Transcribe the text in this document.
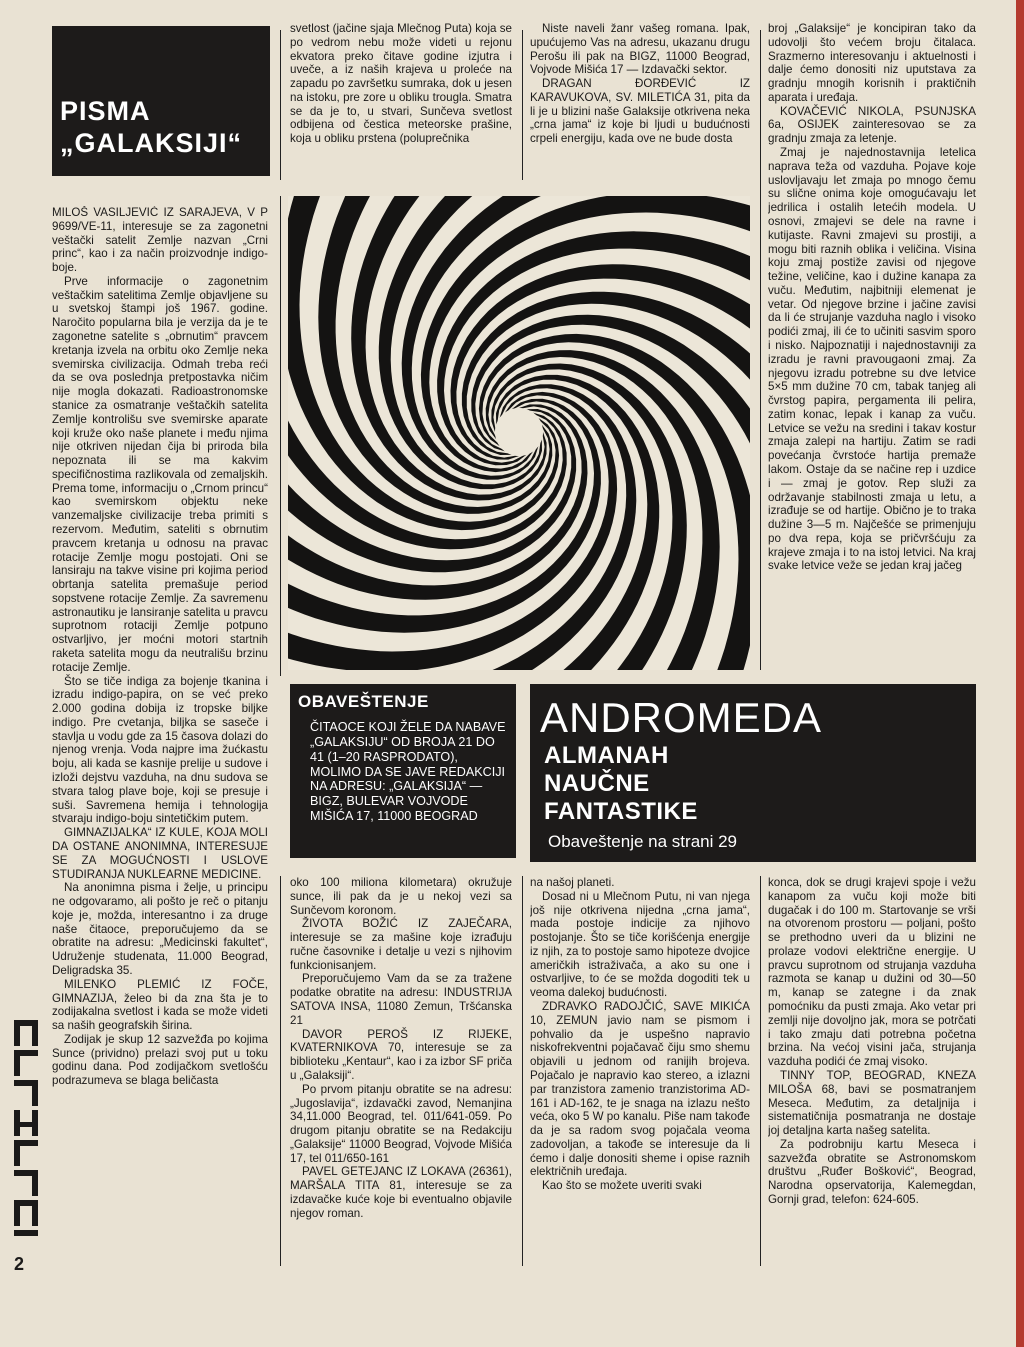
PISMA
„GALAKSIJI“

MILOŠ VASILJEVIĆ IZ SARAJEVA, V P 9699/VE-11, interesuje se za zagonetni veštački satelit Zemlje nazvan „Crni princ“, kao i za način proizvodnje indigo-boje.

Prve informacije o zagonetnim veštačkim satelitima Zemlje objavljene su u svetskoj štampi još 1967. godine. Naročito popularna bila je verzija da je te zagonetne satelite s „obrnutim“ pravcem kretanja izvela na orbitu oko Zemlje neka svemirska civilizacija. Odmah treba reći da se ova poslednja pretpostavka ničim nije mogla dokazati. Radioastronomske stanice za osmatranje veštačkih satelita Zemlje kontrolišu sve svemirske aparate koji kruže oko naše planete i među njima nije otkriven nijedan čija bi priroda bila nepoznata ili se ma kakvim specifičnostima razlikovala od zemaljskih. Prema tome, informaciju o „Crnom princu“ kao svemirskom objektu neke vanzemaljske civilizacije treba primiti s rezervom. Međutim, sateliti s obrnutim pravcem kretanja u odnosu na pravac rotacije Zemlje mogu postojati. Oni se lansiraju na takve visine pri kojima period obrtanja satelita premašuje period sopstvene rotacije Zemlje. Za savremenu astronautiku je lansiranje satelita u pravcu suprotnom rotaciji Zemlje potpuno ostvarljivo, jer moćni motori startnih raketa satelita mogu da neutrališu brzinu rotacije Zemlje.

Što se tiče indiga za bojenje tkanina i izradu indigo-papira, on se već preko 2.000 godina dobija iz tropske biljke indigo. Pre cvetanja, biljka se saseče i stavlja u vodu gde za 15 časova dolazi do njenog vrenja. Voda najpre ima žućkastu boju, ali kada se kasnije prelije u sudove i izloži dejstvu vazduha, na dnu sudova se stvara talog plave boje, koji se presuje i suši. Savremena hemija i tehnologija stvaraju indigo-boju sintetičkim putem.

GIMNAZIJALKA“ IZ KULE, KOJA MOLI DA OSTANE ANONIMNA, INTERESUJE SE ZA MOGUĆNOSTI I USLOVE STUDIRANJA NUKLEARNE MEDICINE.

Na anonimna pisma i želje, u principu ne odgovaramo, ali pošto je reč o pitanju koje je, možda, interesantno i za druge naše čitaoce, preporučujemo da se obratite na adresu: „Medicinski fakultet“, Udruženje studenata, 11.000 Beograd, Deligradska 35.

MILENKO PLEMIĆ IZ FOČE, GIMNAZIJA, želeo bi da zna šta je to zodijakalna svetlost i kada se može videti sa naših geografskih širina.

Zodijak je skup 12 sazvežđa po kojima Sunce (prividno) prelazi svoj put u toku godinu dana. Pod zodijačkom svetlošću podrazumeva se blaga beličasta

svetlost (jačine sjaja Mlečnog Puta) koja se po vedrom nebu može videti u rejonu ekvatora preko čitave godine izjutra i uveče, a iz naših krajeva u proleće na zapadu po završetku sumraka, dok u jesen na istoku, pre zore u obliku trougla. Smatra se da je to, u stvari, Sunčeva svetlost odbijena od čestica meteorske prašine, koja u obliku prstena (poluprečnika

Niste naveli žanr vašeg romana. Ipak, upućujemo Vas na adresu, ukazanu drugu Perošu ili pak na BIGZ, 11000 Beograd, Vojvode Mišića 17 — Izdavački sektor.

DRAGAN ĐORĐEVIĆ IZ KARAVUKOVA, SV. MILETIĆA 31, pita da li je u blizini naše Galaksije otkrivena neka „crna jama“ iz koje bi ljudi u budućnosti crpeli energiju, kada ove ne bude dosta

broj „Galaksije“ je koncipiran tako da udovolji što većem broju čitalaca. Srazmerno interesovanju i aktuelnosti i dalje ćemo donositi niz uputstava za gradnju mnogih korisnih i praktičnih aparata i uređaja.

KOVAČEVIĆ NIKOLA, PSUNJSKA 6a, OSIJEK zainteresovao se za gradnju zmaja za letenje.

Zmaj je najednostavnija letelica naprava teža od vazduha. Pojave koje uslovljavaju let zmaja po mnogo čemu su slične onima koje omogućavaju let jedrilica i ostalih letećih modela. U osnovi, zmajevi se dele na ravne i kutijaste. Ravni zmajevi su prostiji, a mogu biti raznih oblika i veličina. Visina koju zmaj postiže zavisi od njegove težine, veličine, kao i dužine kanapa za vuču. Međutim, najbitniji elemenat je vetar. Od njegove brzine i jačine zavisi da li će strujanje vazduha naglo i visoko podići zmaj, ili će to učiniti sasvim sporo i nisko. Najpoznatiji i najednostavniji za izradu je ravni pravougaoni zmaj. Za njegovu izradu potrebne su dve letvice 5×5 mm dužine 70 cm, tabak tanjeg ali čvrstog papira, pergamenta ili pelira, zatim konac, lepak i kanap za vuču. Letvice se vežu na sredini i takav kostur zmaja zalepi na hartiju. Zatim se radi povećanja čvrstoće hartija premaže lakom. Ostaje da se načine rep i uzdice i — zmaj je gotov. Rep služi za održavanje stabilnosti zmaja u letu, a izrađuje se od hartije. Obično je to traka dužine 3—5 m. Najčešće se primenjuju po dva repa, koja se pričvršćuju za krajeve zmaja i to na istoj letvici. Na kraj svake letvice veže se jedan kraj jačeg

OBAVEŠTENJE
ČITAOCE KOJI ŽELE DA NABAVE „GALAKSIJU“ OD BROJA 21 DO 41 (1–20 RASPRODATO), MOLIMO DA SE JAVE REDAKCIJI NA ADRESU: „GALAKSIJA“ — BIGZ, BULEVAR VOJVODE MIŠIĆA 17, 11000 BEOGRAD
ANDROMEDA
ALMANAH
NAUČNE
FANTASTIKE
Obaveštenje na strani 29

oko 100 miliona kilometara) okružuje sunce, ili pak da je u nekoj vezi sa Sunčevom koronom.

ŽIVOTA BOŽIĆ IZ ZAJEČARA, interesuje se za mašine koje izrađuju ručne časovnike i detalje u vezi s njihovim funkcionisanjem.

Preporučujemo Vam da se za tražene podatke obratite na adresu: INDUSTRIJA SATOVA INSA, 11080 Zemun, Tršćanska 21

DAVOR PEROŠ IZ RIJEKE, KVATERNIKOVA 70, interesuje se za biblioteku „Kentaur“, kao i za izbor SF priča u „Galaksiji“.

Po prvom pitanju obratite se na adresu: „Jugoslavija“, izdavački zavod, Nemanjina 34,11.000 Beograd, tel. 011/641-059. Po drugom pitanju obratite se na Redakciju „Galaksije“ 11000 Beograd, Vojvode Mišića 17, tel 011/650-161

PAVEL GETEJANC IZ LOKAVA (26361), MARŠALA TITA 81, interesuje se za izdavačke kuće koje bi eventualno objavile njegov roman.

na našoj planeti.

Dosad ni u Mlečnom Putu, ni van njega još nije otkrivena nijedna „crna jama“, mada postoje indicije za njihovo postojanje. Što se tiče korišćenja energije iz njih, za to postoje samo hipoteze dvojice američkih istraživača, a ako su one i ostvarljive, to će se možda dogoditi tek u veoma dalekoj budućnosti.

ZDRAVKO RADOJČIĆ, SAVE MIKIĆA 10, ZEMUN javio nam se pismom i pohvalio da je uspešno napravio niskofrekventni pojačavač čiju smo shemu objavili u jednom od ranijih brojeva. Pojačalo je napravio kao stereo, a izlazni par tranzistora zamenio tranzistorima AD-161 i AD-162, te je snaga na izlazu nešto veća, oko 5 W po kanalu. Piše nam takođe da je sa radom svog pojačala veoma zadovoljan, a takođe se interesuje da li ćemo i dalje donositi sheme i opise raznih električnih uređaja.

Kao što se možete uveriti svaki

konca, dok se drugi krajevi spoje i vežu kanapom za vuču koji može biti dugačak i do 100 m. Startovanje se vrši na otvorenom prostoru — poljani, pošto se prethodno uveri da u blizini ne prolaze vodovi električne energije. U pravcu suprotnom od strujanja vazduha razmota se kanap u dužini od 30—50 m, kanap se zategne i da znak pomoćniku da pusti zmaja. Ako vetar pri zemlji nije dovoljno jak, mora se potrčati i tako zmaju dati potrebna početna brzina. Na većoj visini jača, strujanja vazduha podići će zmaj visoko.

TINNY TOP, BEOGRAD, KNEZA MILOŠA 68, bavi se posmatranjem Meseca. Međutim, za detaljnija i sistematičnija posmatranja ne dostaje joj detaljna karta našeg satelita.

Za podrobniju kartu Meseca i sazvežđa obratite se Astronomskom društvu „Ruđer Bošković“, Beograd, Narodna opservatorija, Kalemegdan, Gornji grad, telefon: 624-605.

2
